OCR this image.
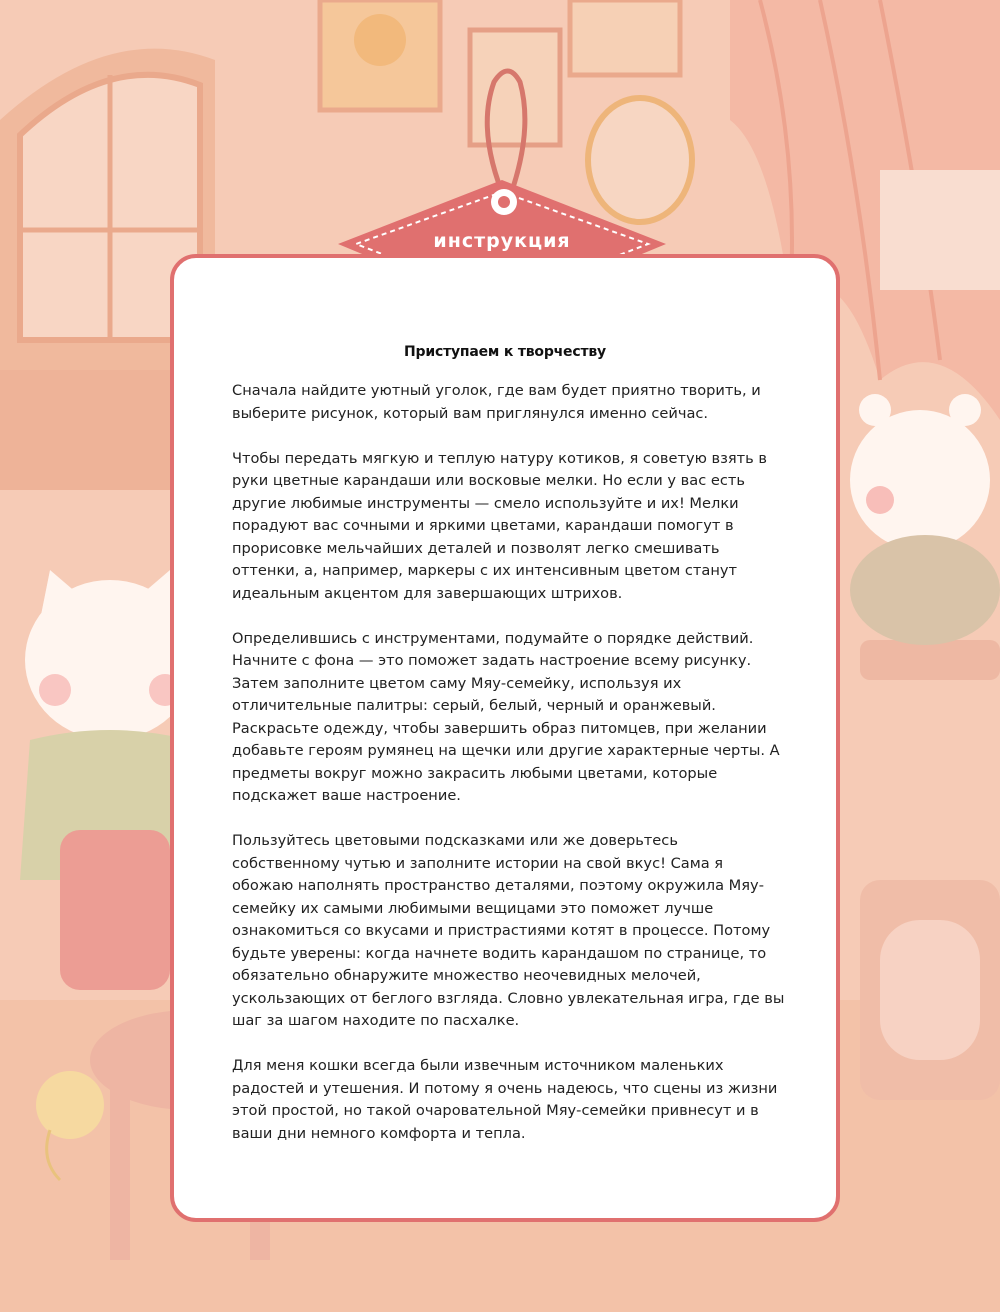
инструкция
Приступаем к творчеству

Сначала найдите уютный уголок, где вам будет приятно творить, и выберите рисунок, который вам приглянулся именно сейчас.

Чтобы передать мягкую и теплую натуру котиков, я советую взять в руки цветные карандаши или восковые мелки. Но если у вас есть другие любимые инструменты — смело используйте и их! Мелки порадуют вас сочными и яркими цветами, карандаши помогут в прорисовке мельчайших деталей и позволят легко смешивать оттенки, а, например, маркеры с их интенсивным цветом станут идеальным акцентом для завершающих штрихов.

Определившись с инструментами, подумайте о порядке действий. Начните с фона — это поможет задать настроение всему рисунку. Затем заполните цветом саму Мяу-семейку, используя их отличительные палитры: серый, белый, черный и оранжевый. Раскрасьте одежду, чтобы завершить образ питомцев, при желании добавьте героям румянец на щечки или другие характерные черты. А предметы вокруг можно закрасить любыми цветами, которые подскажет ваше настроение.

Пользуйтесь цветовыми подсказками или же доверьтесь собственному чутью и заполните истории на свой вкус! Сама я обожаю наполнять пространство деталями, поэтому окружила Мяу-семейку их самыми любимыми вещицами это поможет лучше ознакомиться со вкусами и пристрастиями котят в процессе. Потому будьте уверены: когда начнете водить карандашом по странице, то обязательно обнаружите множество неочевидных мелочей, ускользающих от беглого взгляда. Словно увлекательная игра, где вы шаг за шагом находите по пасхалке.

Для меня кошки всегда были извечным источником маленьких радостей и утешения. И потому я очень надеюсь, что сцены из жизни этой простой, но такой очаровательной Мяу-семейки привнесут и в ваши дни немного комфорта и тепла.
